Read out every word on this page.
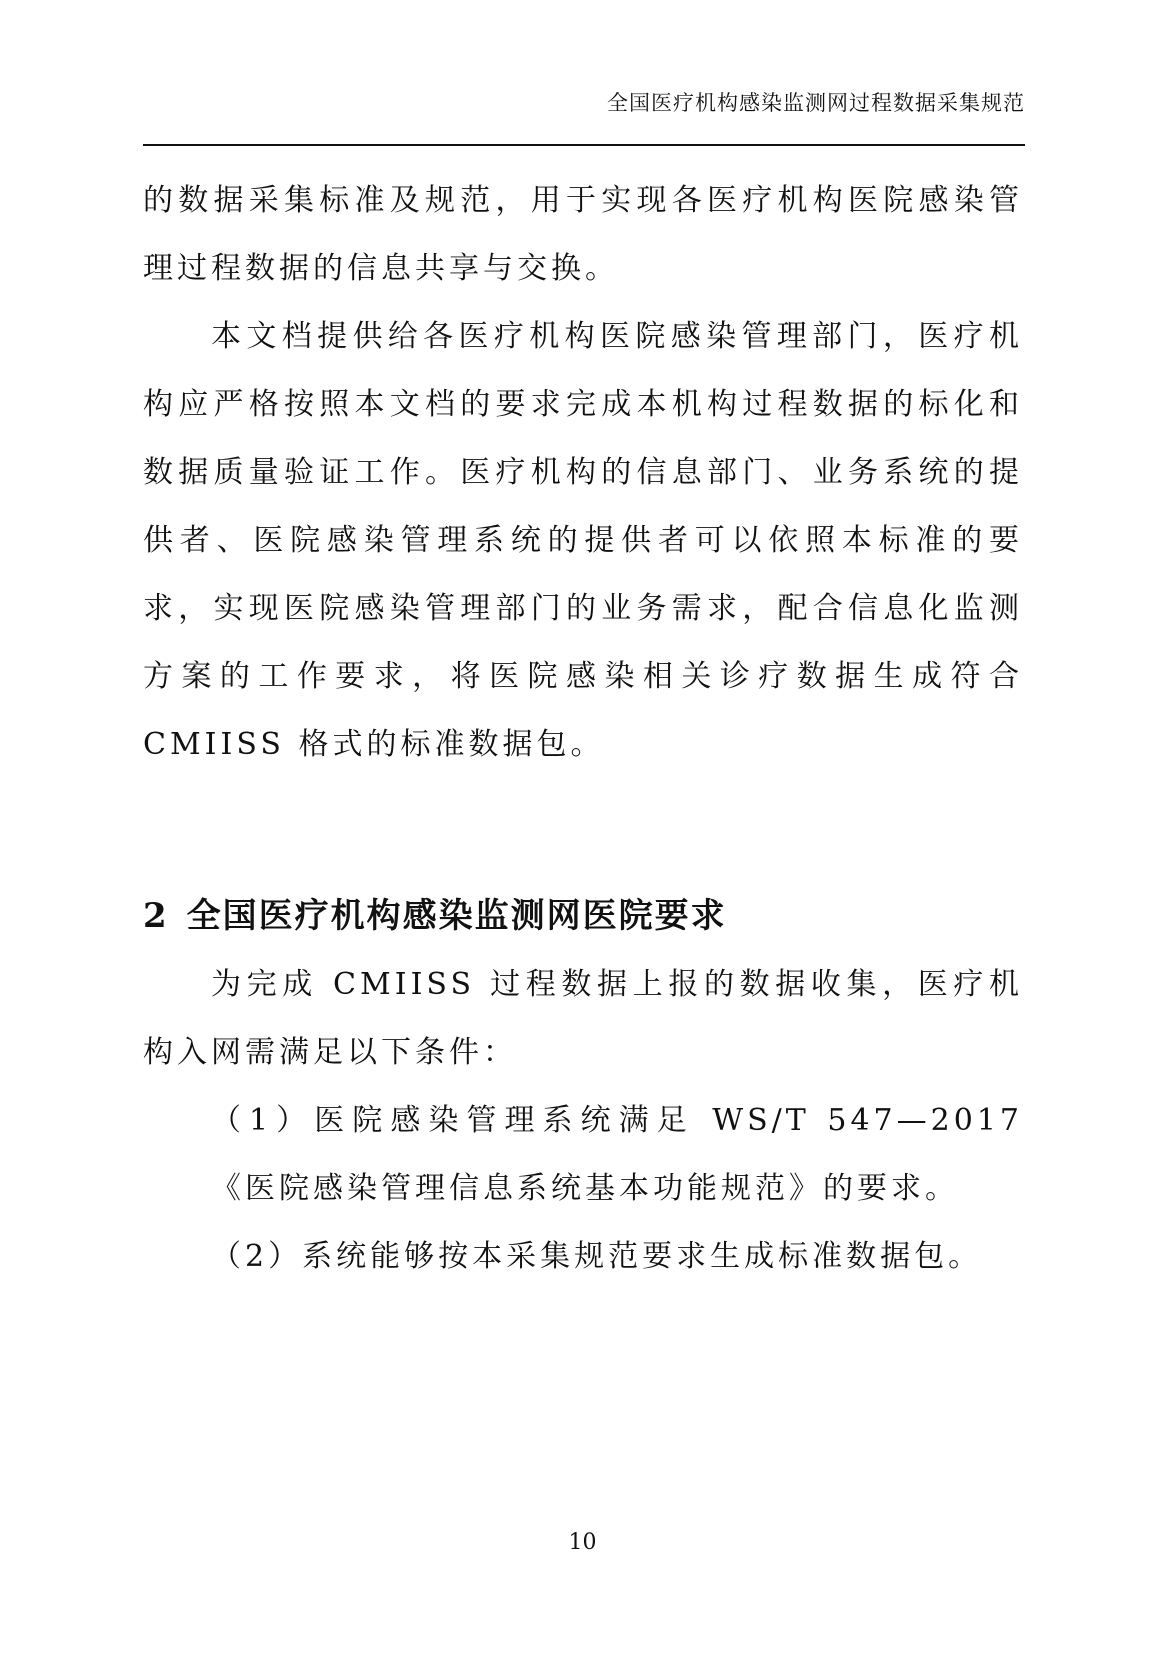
全国医疗机构感染监测网过程数据采集规范

的数据采集标准及规范，用于实现各医疗机构医院感染管理过程数据的信息共享与交换。

本文档提供给各医疗机构医院感染管理部门，医疗机构应严格按照本文档的要求完成本机构过程数据的标化和数据质量验证工作。医疗机构的信息部门、业务系统的提供者、医院感染管理系统的提供者可以依照本标准的要求，实现医院感染管理部门的业务需求，配合信息化监测方案的工作要求，将医院感染相关诊疗数据生成符合 CMIISS 格式的标准数据包。

2 全国医疗机构感染监测网医院要求

为完成 CMIISS 过程数据上报的数据收集，医疗机构入网需满足以下条件：

（1）医院感染管理系统满足 WS/T 547—2017《医院感染管理信息系统基本功能规范》的要求。

（2）系统能够按本采集规范要求生成标准数据包。

10
